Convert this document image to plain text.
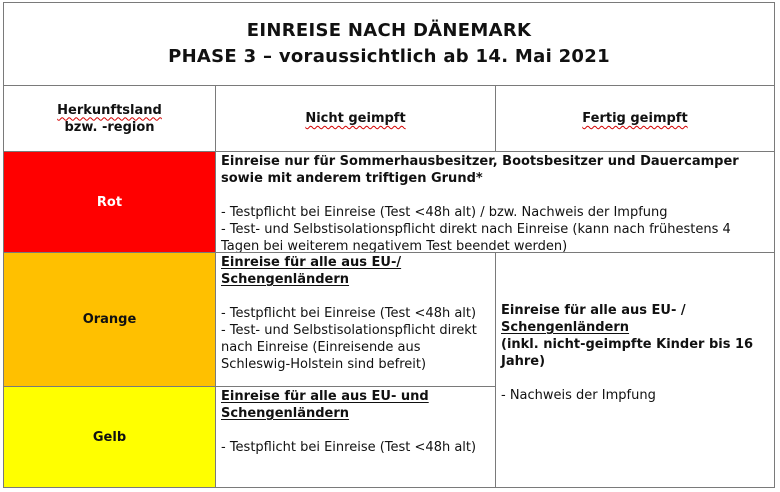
EINREISE NACH DÄNEMARK
PHASE 3 – voraussichtlich ab 14. Mai 2021
Herkunftsland
bzw. -region
Nicht geimpft	Fertig geimpft
Rot

Einreise nur für Sommerhausbesitzer, Bootsbesitzer und Dauercamper sowie mit anderem triftigen Grund*

- Testpflicht bei Einreise (Test <48h alt) / bzw. Nachweis der Impfung

- Test- und Selbstisolationspflicht direkt nach Einreise (kann nach frühestens 4 Tagen bei weiterem negativem Test beendet werden)

Orange

Einreise für alle aus EU-/ Schengenländern

- Testpflicht bei Einreise (Test <48h alt)

- Test- und Selbstisolationspflicht direkt nach Einreise (Einreisende aus Schleswig-Holstein sind befreit)

Gelb

Einreise für alle aus EU- und Schengenländern

- Testpflicht bei Einreise (Test <48h alt)

Einreise für alle aus EU- /

Schengenländern

(inkl. nicht-geimpfte Kinder bis 16 Jahre)

- Nachweis der Impfung
